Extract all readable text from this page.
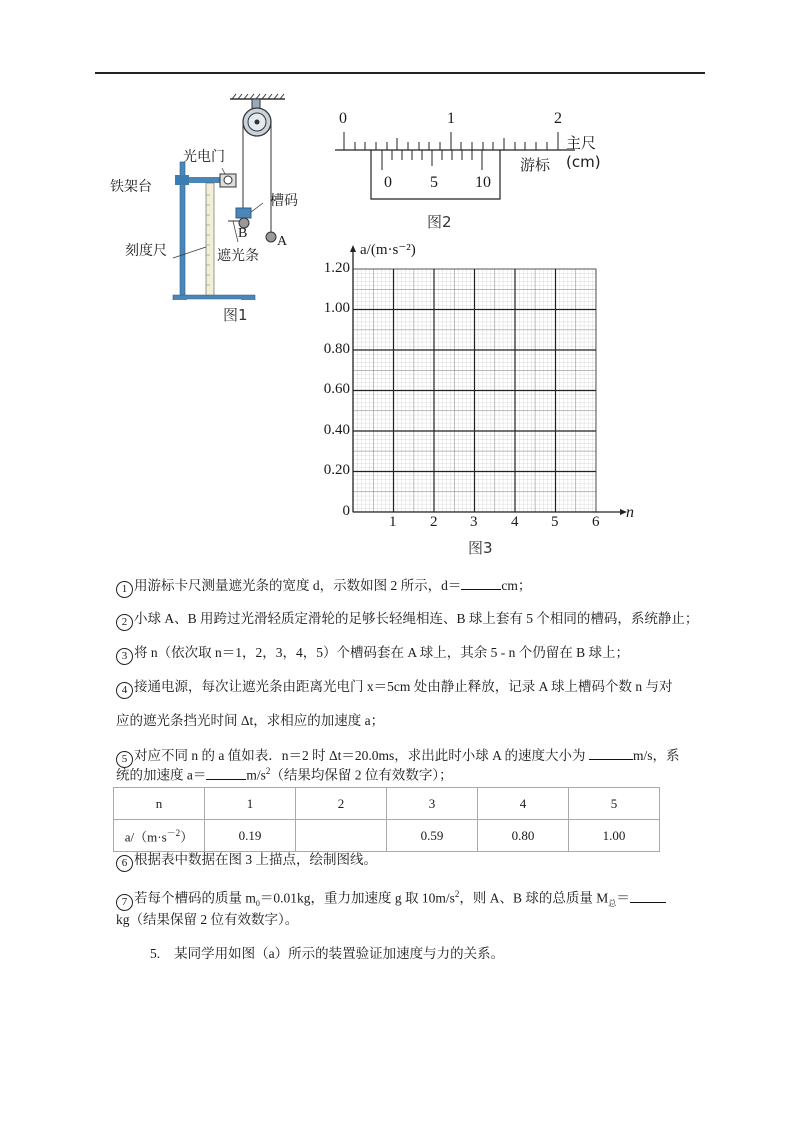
光电门
铁架台
槽码
B
A
刻度尺	遮光条
图1
0	1	2
主尺(cm)
游标
0 5 10
图2
a/(m·s⁻²)
n
1.20
1.00
0.80
0.60
0.40
0.20
0
1 2 3 4 5 6
图3
1 用游标卡尺测量遮光条的宽度 d，示数如图 2 所示，d＝	cm；
2 小球 A、B 用跨过光滑轻质定滑轮的足够长轻绳相连、B 球上套有 5 个相同的槽码，系统静止；
3 将 n（依次取 n＝1，2，3，4，5）个槽码套在 A 球上，其余 5 - n 个仍留在 B 球上；
4 接通电源，每次让遮光条由距离光电门 x＝5cm 处由静止释放，记录 A 球上槽码个数 n 与对
应的遮光条挡光时间 Δt，求相应的加速度 a；
5 对应不同 n 的 a 值如表．n＝2 时 Δt＝20.0ms，求出此时小球 A 的速度大小为	m/s，系
统的加速度 a＝	$m/s^2$（结果均保留 2 位有效数字）；
n	1	2	3	4	5
$a/(m\cdot s^{-2})$	0.19		0.59	0.80	1.00
6 根据表中数据在图 3 上描点，绘制图线。
7 若每个槽码的质量 $m_0=0.01kg$，重力加速度 g 取 $10m/s^2$，则 A、B 球的总质量 $M_总=$
kg（结果保留 2 位有效数字）。
5. 某同学用如图（a）所示的装置验证加速度与力的关系。
